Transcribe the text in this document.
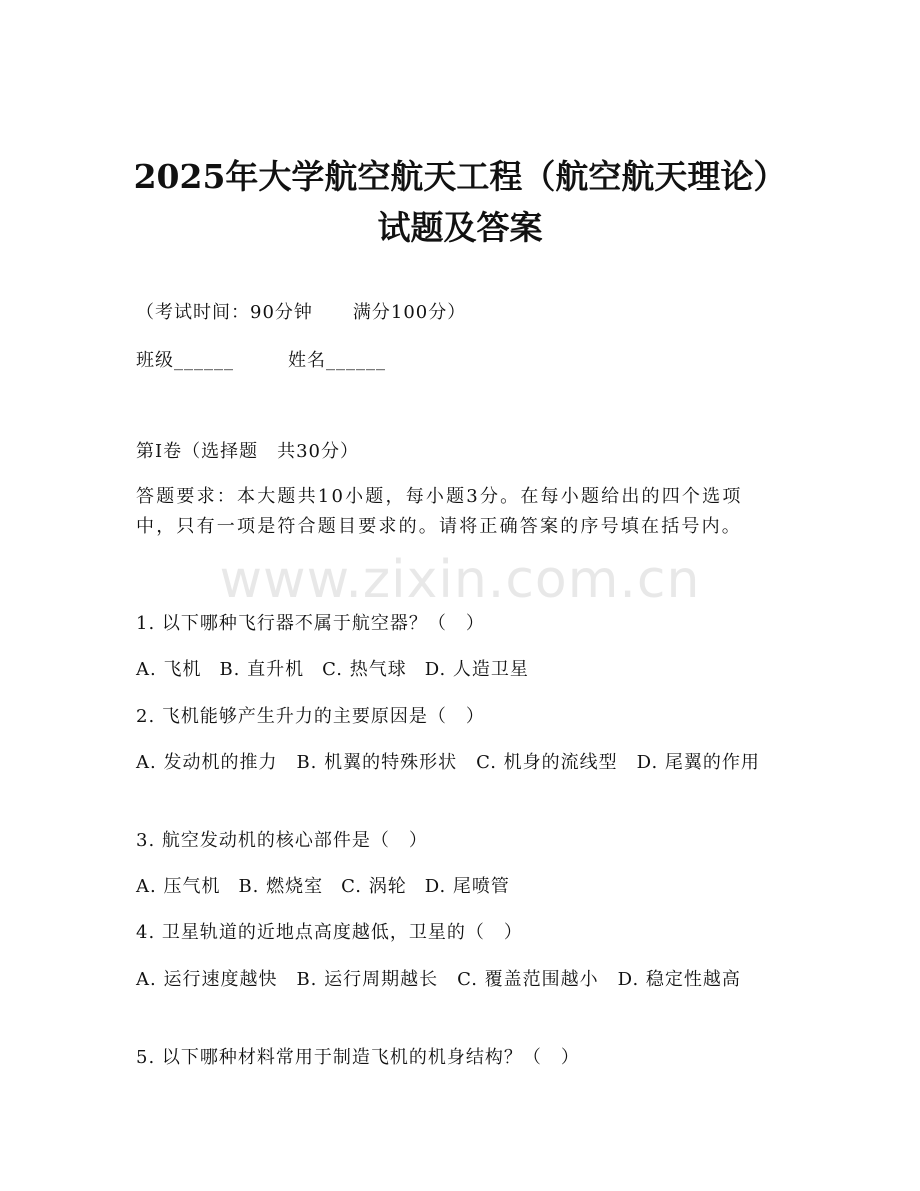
2025年大学航空航天工程（航空航天理论）
试题及答案
（考试时间：90分钟 满分100分）
班级______	姓名______
第I卷（选择题　共30分）
答题要求：本大题共10小题，每小题3分。在每小题给出的四个选项中，只有一项是符合题目要求的。请将正确答案的序号填在括号内。
www.zixin.com.cn
1. 以下哪种飞行器不属于航空器？（　）
A. 飞机 B. 直升机 C. 热气球 D. 人造卫星
2. 飞机能够产生升力的主要原因是（　）
A. 发动机的推力　B. 机翼的特殊形状　C. 机身的流线型　D. 尾翼的作用
3. 航空发动机的核心部件是（　）
A. 压气机 B. 燃烧室 C. 涡轮 D. 尾喷管
4. 卫星轨道的近地点高度越低，卫星的（　）
A. 运行速度越快　B. 运行周期越长　C. 覆盖范围越小　D. 稳定性越高
5. 以下哪种材料常用于制造飞机的机身结构？（　）
